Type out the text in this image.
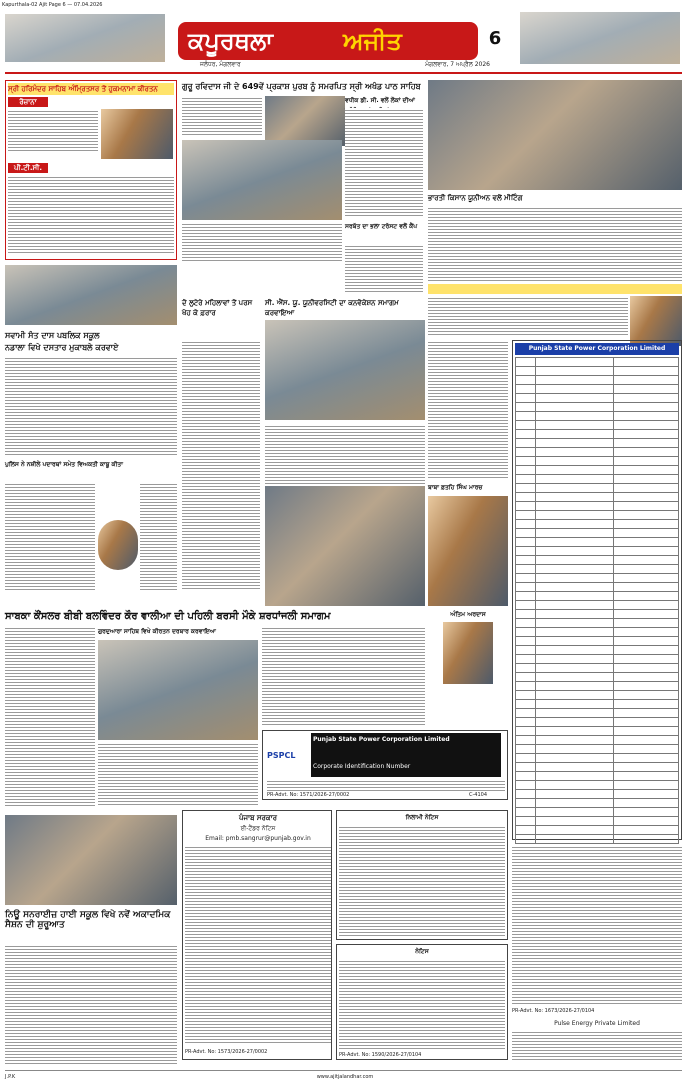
Kapurthala-02 Ajit Page 6 — 07.04.2026
ਕਪੂਰਥਲਾ	ਅਜੀਤ	6
ਜਲੰਧਰ, ਮੰਗਲਵਾਰ	ਮੰਗਲਵਾਰ, 7 ਅਪ੍ਰੈਲ 2026
ਸ੍ਰੀ ਹਰਿਮੰਦਰ ਸਾਹਿਬ ਅੰਮ੍ਰਿਤਸਰ ਤੋਂ ਹੁਕਮਨਾਮਾ ਕੀਰਤਨ
ਰੋਜ਼ਾਨਾ
ਪੀ.ਟੀ.ਸੀ.
ਗੁਰੂ ਰਵਿਦਾਸ ਜੀ ਦੇ 649ਵੇਂ ਪ੍ਰਕਾਸ਼ ਪੁਰਬ ਨੂੰ ਸਮਰਪਿਤ ਸ੍ਰੀ ਅਖੰਡ ਪਾਠ ਸਾਹਿਬ
ਵਧੀਕ ਡੀ. ਸੀ. ਵਲੋਂ ਲੋਕਾਂ ਦੀਆਂ
ਸਰਬੱਤ ਦਾ ਭਲਾ ਟਰੱਸਟ ਵਲੋਂ ਕੈਂਪ
ਭਾਰਤੀ ਕਿਸਾਨ ਯੂਨੀਅਨ ਵਲੋਂ ਮੀਟਿੰਗ
ਸਵਾਮੀ ਸੰਤ ਦਾਸ ਪਬਲਿਕ ਸਕੂਲ
ਨਡਾਲਾ ਵਿਖੇ ਦਸਤਾਰ ਮੁਕਾਬਲੇ ਕਰਵਾਏ
ਪੁਲਿਸ ਨੇ ਨਸ਼ੀਲੇ ਪਦਾਰਥਾਂ ਸਮੇਤ ਵਿਅਕਤੀ ਕਾਬੂ ਕੀਤਾ
ਦੋ ਲੁਟੇਰੇ ਮਹਿਲਾਵਾਂ ਤੋਂ ਪਰਸ ਖੋਹ ਕੇ ਫ਼ਰਾਰ
ਸੀ. ਐੱਸ. ਯੂ. ਯੂਨੀਵਰਸਿਟੀ ਦਾ ਕਨਵੋਕੇਸ਼ਨ ਸਮਾਗਮ ਕਰਵਾਇਆ
ਬਾਬਾ ਫ਼ਤਹਿ ਸਿੰਘ ਮਾਰਚ
Punjab State Power Corporation Limited

ਸਾਬਕਾ ਕੌਂਸਲਰ ਬੀਬੀ ਬਲਵਿੰਦਰ ਕੌਰ ਵਾਲੀਆ ਦੀ ਪਹਿਲੀ ਬਰਸੀ ਮੌਕੇ ਸ਼ਰਧਾਂਜਲੀ ਸਮਾਗਮ
ਗੁਰਦੁਆਰਾ ਸਾਹਿਬ ਵਿਖੇ ਕੀਰਤਨ ਦਰਬਾਰ ਕਰਵਾਇਆ
ਅੰਤਿਮ ਅਰਦਾਸ
PSPCL
Punjab State Power Corporation Limited
Corporate Identification Number
PR-Advt. No: 1571/2026-27/0002	C-4104
ਨਿਊ ਸਨਰਾਈਜ਼ ਹਾਈ ਸਕੂਲ ਵਿਖੇ ਨਵੇਂ ਅਕਾਦਮਿਕ ਸੈਸ਼ਨ ਦੀ ਸ਼ੁਰੂਆਤ
ਪੰਜਾਬ ਸਰਕਾਰ
ਈ-ਟੈਂਡਰ ਨੋਟਿਸ
Email: pmb.sangrur@punjab.gov.in
PR-Advt. No: 1573/2026-27/0002
ਨਿਲਾਮੀ ਨੋਟਿਸ
ਨੋਟਿਸ
PR-Advt. No: 1590/2026-27/0104
PR-Advt. No: 1673/2026-27/0104
Pulse Energy Private Limited
J.P.K	www.ajitjalandhar.com
